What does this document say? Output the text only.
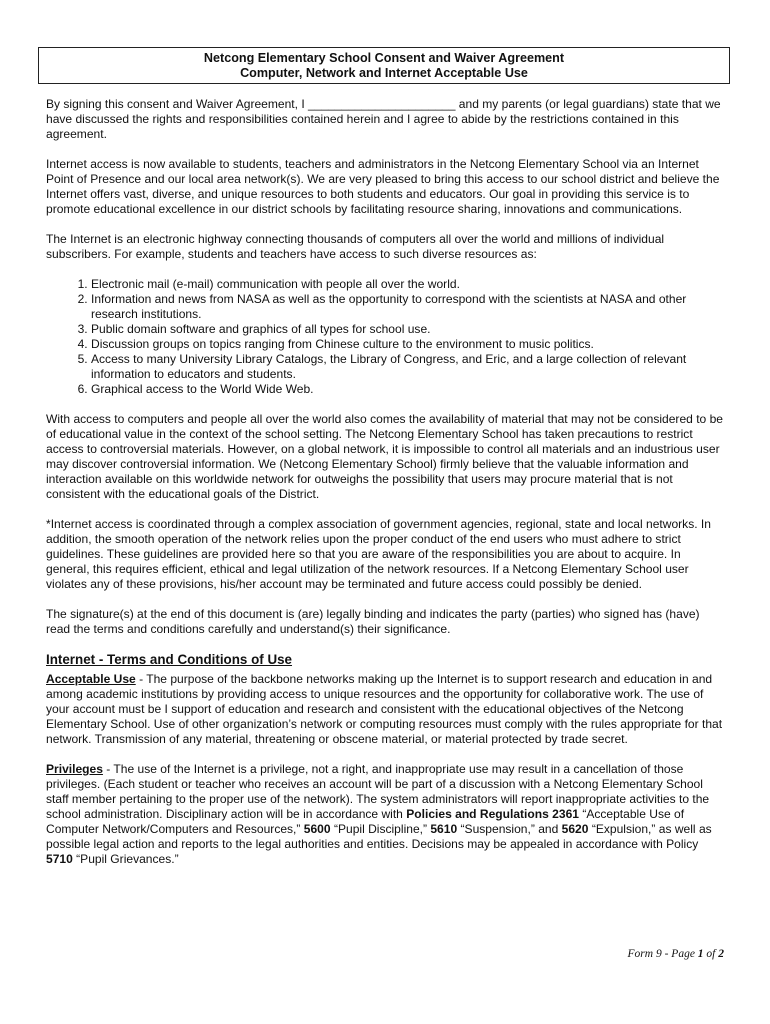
Netcong Elementary School Consent and Waiver Agreement
Computer, Network and Internet Acceptable Use

By signing this consent and Waiver Agreement, I ______________________ and my parents (or legal guardians) state that we have discussed the rights and responsibilities contained herein and I agree to abide by the restrictions contained in this agreement.

Internet access is now available to students, teachers and administrators in the Netcong Elementary School via an Internet Point of Presence and our local area network(s). We are very pleased to bring this access to our school district and believe the Internet offers vast, diverse, and unique resources to both students and educators. Our goal in providing this service is to promote educational excellence in our district schools by facilitating resource sharing, innovations and communications.

The Internet is an electronic highway connecting thousands of computers all over the world and millions of individual subscribers. For example, students and teachers have access to such diverse resources as:

1. Electronic mail (e-mail) communication with people all over the world.
2. Information and news from NASA as well as the opportunity to correspond with the scientists at NASA and other research institutions.
3. Public domain software and graphics of all types for school use.
4. Discussion groups on topics ranging from Chinese culture to the environment to music politics.
5. Access to many University Library Catalogs, the Library of Congress, and Eric, and a large collection of relevant information to educators and students.
6. Graphical access to the World Wide Web.

With access to computers and people all over the world also comes the availability of material that may not be considered to be of educational value in the context of the school setting. The Netcong Elementary School has taken precautions to restrict access to controversial materials. However, on a global network, it is impossible to control all materials and an industrious user may discover controversial information. We (Netcong Elementary School) firmly believe that the valuable information and interaction available on this worldwide network for outweighs the possibility that users may procure material that is not consistent with the educational goals of the District.

*Internet access is coordinated through a complex association of government agencies, regional, state and local networks. In addition, the smooth operation of the network relies upon the proper conduct of the end users who must adhere to strict guidelines. These guidelines are provided here so that you are aware of the responsibilities you are about to acquire. In general, this requires efficient, ethical and legal utilization of the network resources. If a Netcong Elementary School user violates any of these provisions, his/her account may be terminated and future access could possibly be denied.

The signature(s) at the end of this document is (are) legally binding and indicates the party (parties) who signed has (have) read the terms and conditions carefully and understand(s) their significance.

Internet - Terms and Conditions of Use

Acceptable Use - The purpose of the backbone networks making up the Internet is to support research and education in and among academic institutions by providing access to unique resources and the opportunity for collaborative work. The use of your account must be I support of education and research and consistent with the educational objectives of the Netcong Elementary School. Use of other organization’s network or computing resources must comply with the rules appropriate for that network. Transmission of any material, threatening or obscene material, or material protected by trade secret.

Privileges - The use of the Internet is a privilege, not a right, and inappropriate use may result in a cancellation of those privileges. (Each student or teacher who receives an account will be part of a discussion with a Netcong Elementary School staff member pertaining to the proper use of the network). The system administrators will report inappropriate activities to the school administration. Disciplinary action will be in accordance with Policies and Regulations 2361 “Acceptable Use of Computer Network/Computers and Resources,” 5600 “Pupil Discipline,” 5610 “Suspension,” and 5620 “Expulsion,” as well as possible legal action and reports to the legal authorities and entities. Decisions may be appealed in accordance with Policy 5710 “Pupil Grievances.”

Form 9 - Page 1 of 2
